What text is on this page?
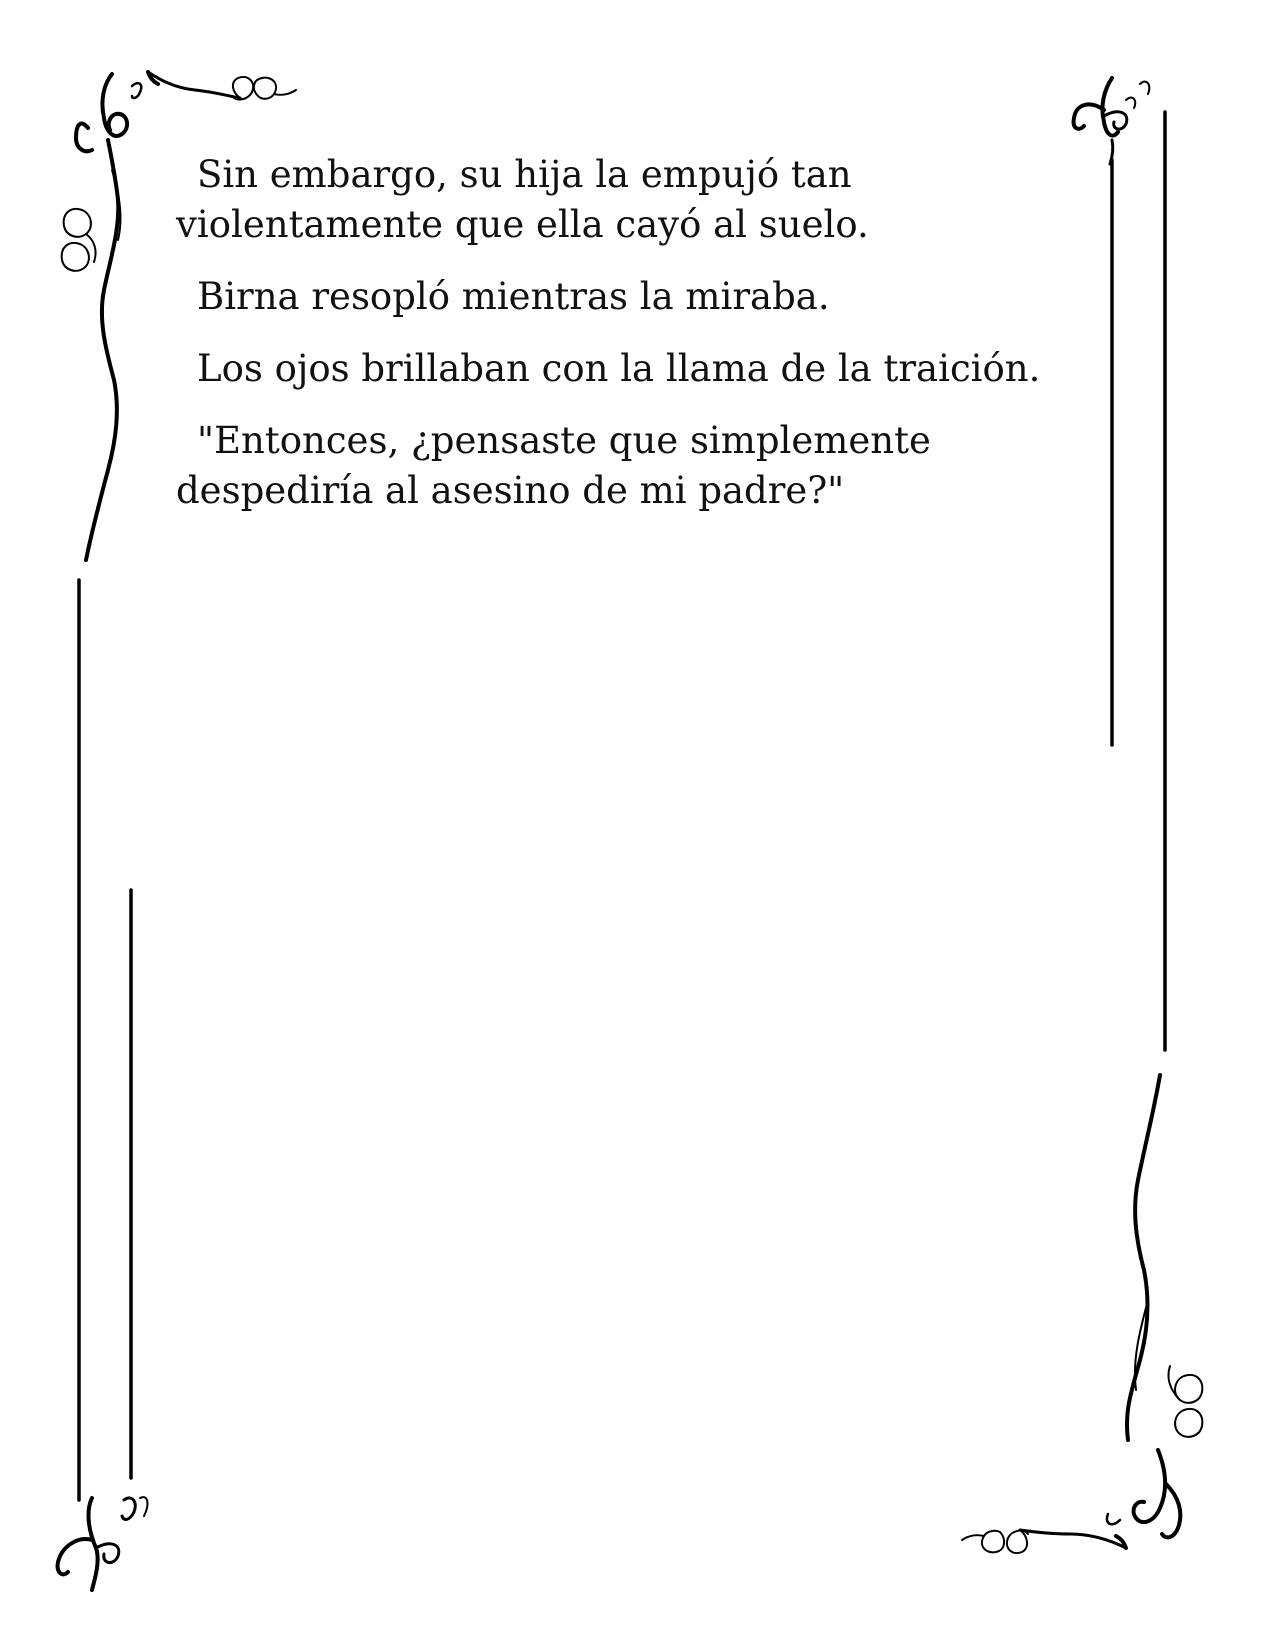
Sin embargo, su hija la empujó tan
violentamente que ella cayó al suelo.

Birna resopló mientras la miraba.

Los ojos brillaban con la llama de la traición.

"Entonces, ¿pensaste que simplemente
despediría al asesino de mi padre?"
